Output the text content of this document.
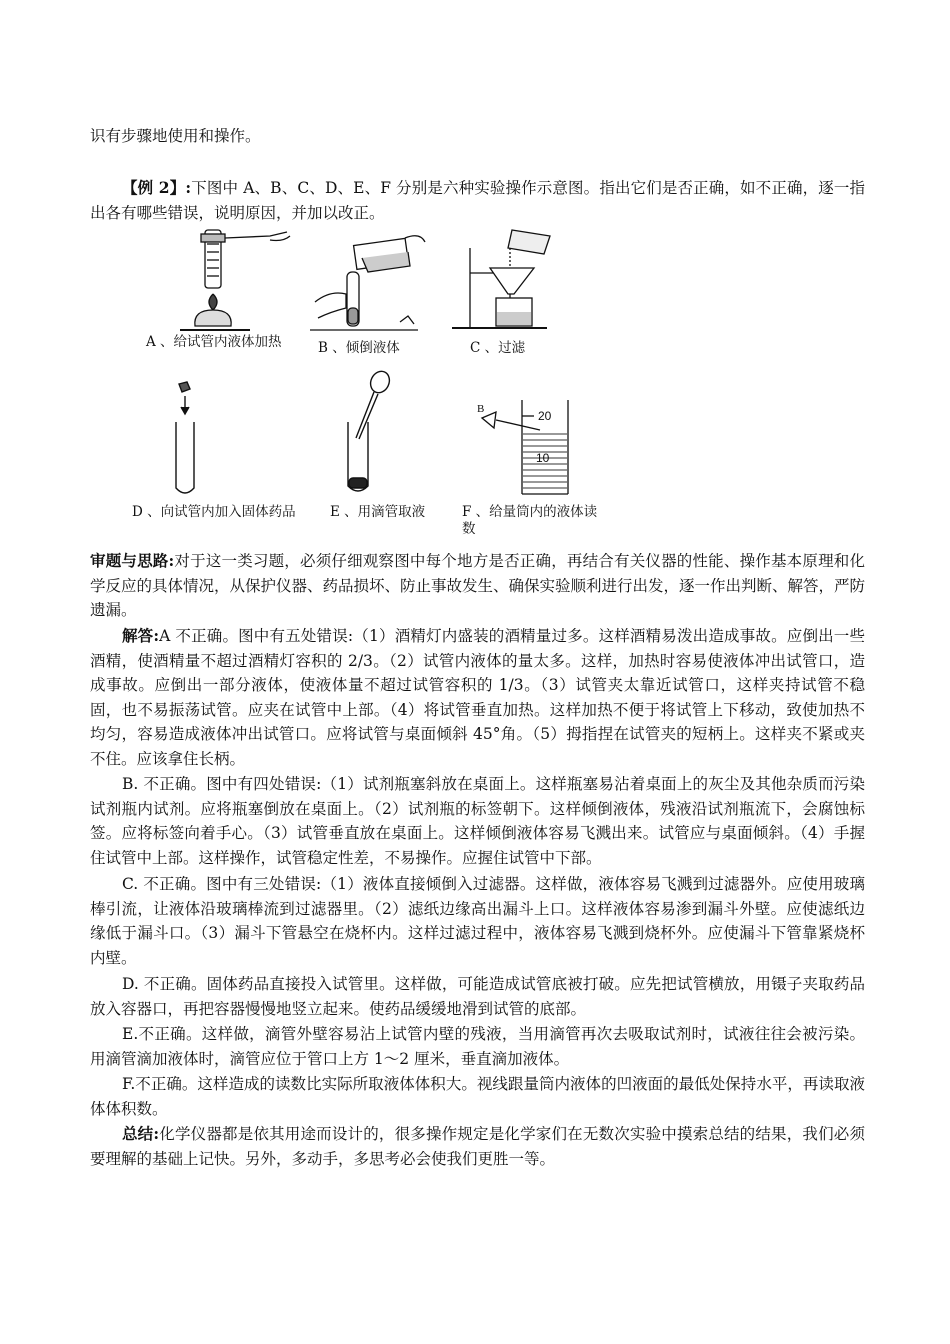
识有步骤地使用和操作。

【例 2】:下图中 A、B、C、D、E、F 分别是六种实验操作示意图。指出它们是否正确，如不正确，逐一指出各有哪些错误，说明原因，并加以改正。

A 、给试管内液体加热	B 、倾倒液体	C 、过滤
D 、向试管内加入固体药品	E 、用滴管取液
B	20
10
F 、给量筒内的液体读
数

审题与思路:对于这一类习题，必须仔细观察图中每个地方是否正确，再结合有关仪器的性能、操作基本原理和化学反应的具体情况，从保护仪器、药品损坏、防止事故发生、确保实验顺利进行出发，逐一作出判断、解答，严防遗漏。

解答:A 不正确。图中有五处错误:（1）酒精灯内盛装的酒精量过多。这样酒精易泼出造成事故。应倒出一些酒精，使酒精量不超过酒精灯容积的 2/3。（2）试管内液体的量太多。这样，加热时容易使液体冲出试管口，造成事故。应倒出一部分液体，使液体量不超过试管容积的 1/3。（3）试管夹太靠近试管口，这样夹持试管不稳固，也不易振荡试管。应夹在试管中上部。（4）将试管垂直加热。这样加热不便于将试管上下移动，致使加热不均匀，容易造成液体冲出试管口。应将试管与桌面倾斜 45°角。（5）拇指捏在试管夹的短柄上。这样夹不紧或夹不住。应该拿住长柄。

B. 不正确。图中有四处错误:（1）试剂瓶塞斜放在桌面上。这样瓶塞易沾着桌面上的灰尘及其他杂质而污染试剂瓶内试剂。应将瓶塞倒放在桌面上。（2）试剂瓶的标签朝下。这样倾倒液体，残液沿试剂瓶流下，会腐蚀标签。应将标签向着手心。（3）试管垂直放在桌面上。这样倾倒液体容易飞溅出来。试管应与桌面倾斜。（4）手握住试管中上部。这样操作，试管稳定性差，不易操作。应握住试管中下部。

C. 不正确。图中有三处错误:（1）液体直接倾倒入过滤器。这样做，液体容易飞溅到过滤器外。应使用玻璃棒引流，让液体沿玻璃棒流到过滤器里。（2）滤纸边缘高出漏斗上口。这样液体容易渗到漏斗外壁。应使滤纸边缘低于漏斗口。（3）漏斗下管悬空在烧杯内。这样过滤过程中，液体容易飞溅到烧杯外。应使漏斗下管靠紧烧杯内壁。

D. 不正确。固体药品直接投入试管里。这样做，可能造成试管底被打破。应先把试管横放，用镊子夹取药品放入容器口，再把容器慢慢地竖立起来。使药品缓缓地滑到试管的底部。

E.不正确。这样做，滴管外壁容易沾上试管内壁的残液，当用滴管再次去吸取试剂时，试液往往会被污染。用滴管滴加液体时，滴管应位于管口上方 1～2 厘米，垂直滴加液体。

F.不正确。这样造成的读数比实际所取液体体积大。视线跟量筒内液体的凹液面的最低处保持水平，再读取液体体积数。

总结:化学仪器都是依其用途而设计的，很多操作规定是化学家们在无数次实验中摸索总结的结果，我们必须要理解的基础上记快。另外，多动手，多思考必会使我们更胜一等。
